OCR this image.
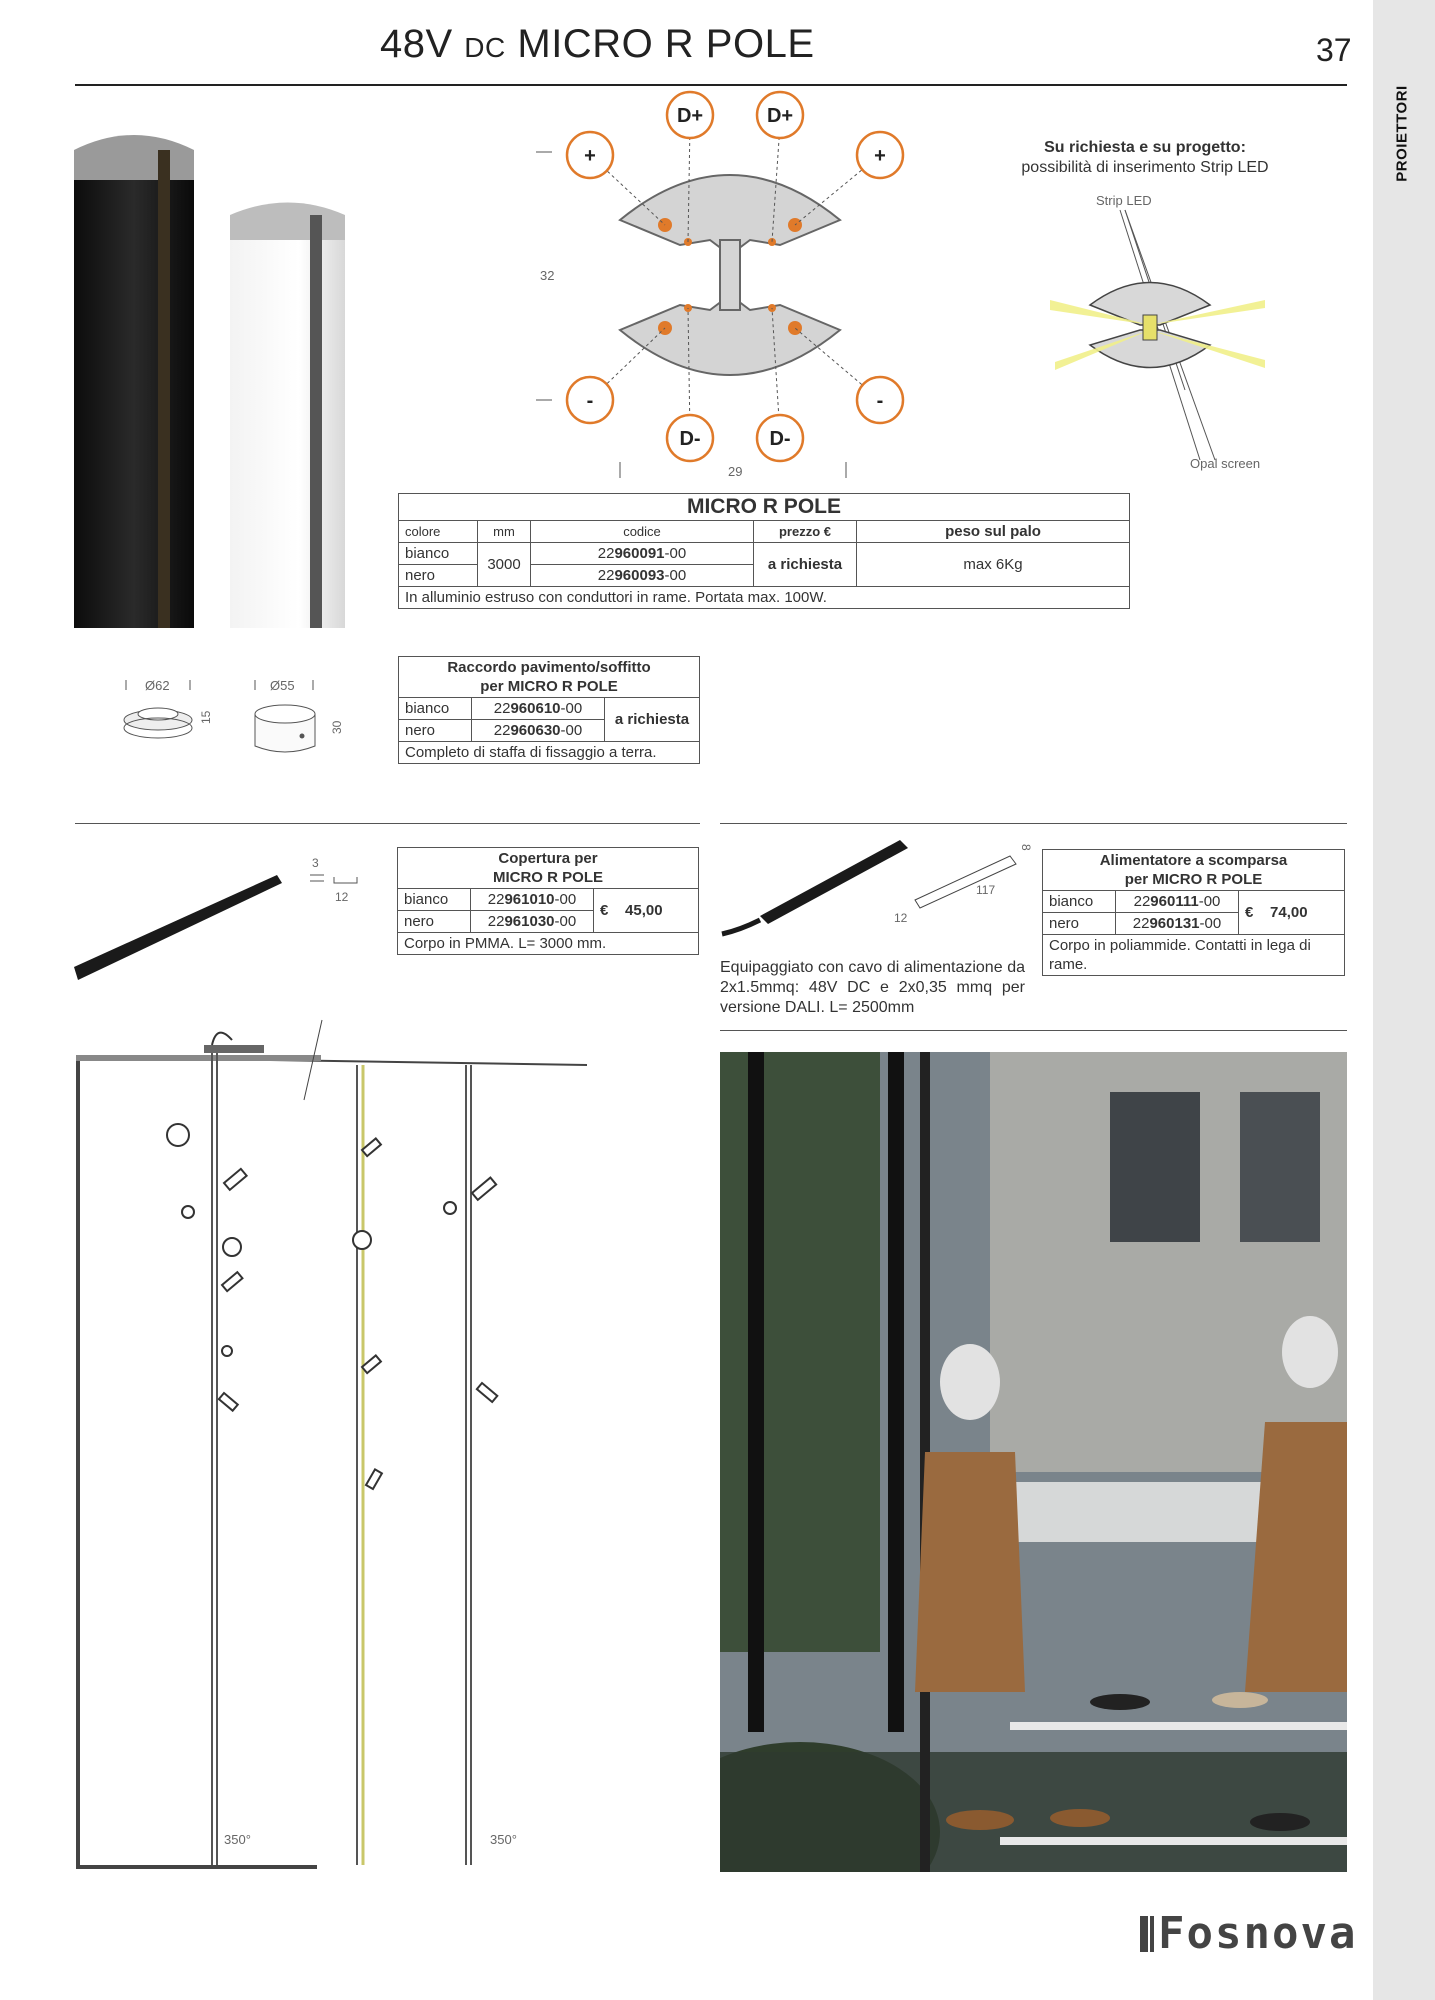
PROIETTORI
48V DC MICRO R POLE	37
D+	D+
D-	D-
+	+
-	-
32
29
Su richiesta e su progetto:
possibilità di inserimento Strip LED
Strip LED
Opal screen
MICRO R POLE				
colore	mm	codice	prezzo €	peso sul palo
bianco	3000	22960091-00	a richiesta	max 6Kg
nero		22960093-00		
In alluminio estruso con conduttori in rame. Portata max. 100W.				
Ø62
15
Ø55
30
Raccordo pavimento/soffitto
per MICRO R POLE		

bianco	22960610-00	a richiesta
nero	22960630-00	
Completo di staffa di fissaggio a terra.		
3
12
Copertura per
MICRO R POLE		

bianco	22961010-00	€ 45,00
nero	22961030-00	
Corpo in PMMA. L= 3000 mm.		
117
12
8
Equipaggiato con cavo di alimentazione da 2x1.5mmq: 48V DC e 2x0,35 mmq per versione DALI. L= 2500mm
Alimentatore a scomparsa
per MICRO R POLE		

bianco	22960111-00	€ 74,00
nero	22960131-00	
Corpo in poliammide. Contatti in lega di rame.		
350°	350°
Fosnova
